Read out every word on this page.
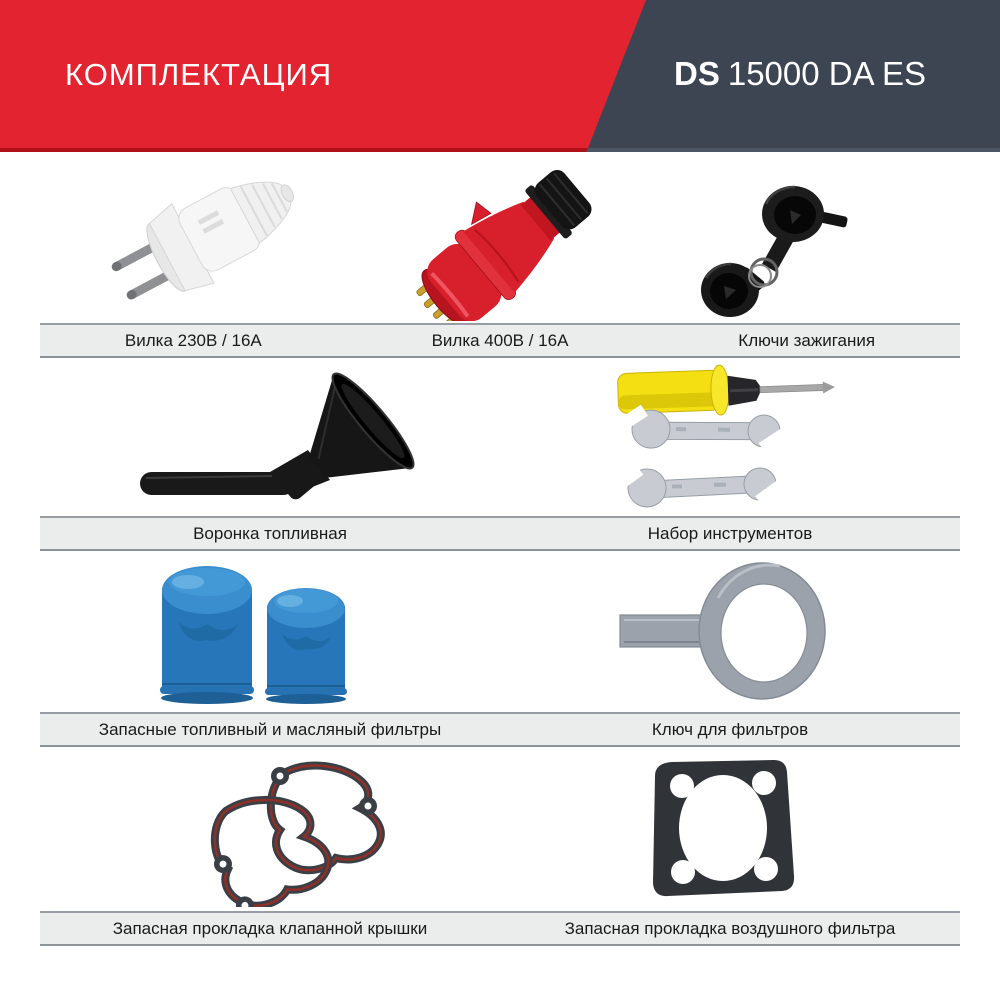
КОМПЛЕКТАЦИЯ	DS 15000 DA ES
Вилка 230В / 16А	Вилка 400В / 16А	Ключи зажигания
Воронка топливная	Набор инструментов
Запасные топливный и масляный фильтры	Ключ для фильтров
Запасная прокладка клапанной крышки	Запасная прокладка воздушного фильтра
